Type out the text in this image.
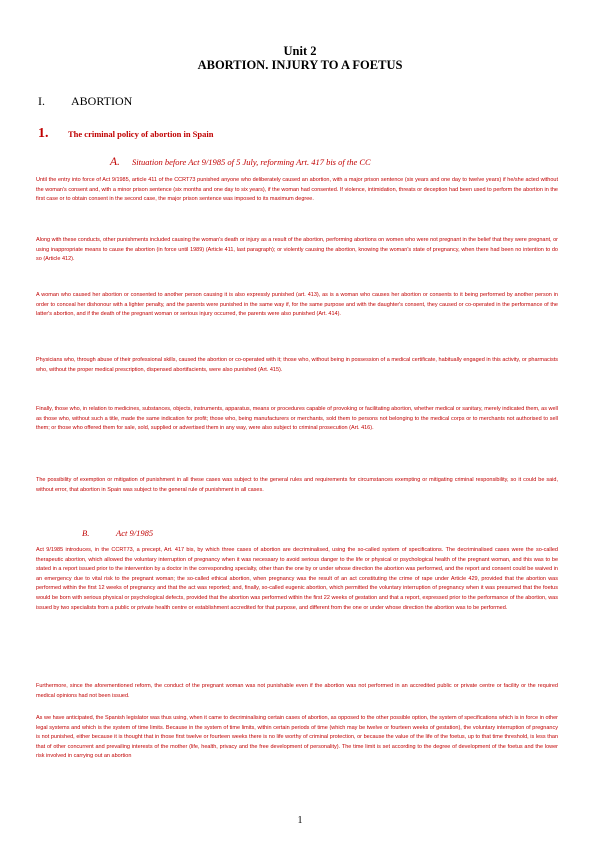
Unit 2
ABORTION. INJURY TO A FOETUS
I. ABORTION
1. The criminal policy of abortion in Spain
A. Situation before Act 9/1985 of 5 July, reforming Art. 417 bis of the CC

Until the entry into force of Act 9/1985, article 411 of the CCRT73 punished anyone who deliberately caused an abortion, with a major prison sentence (six years and one day to twelve years) if he/she acted without the woman's consent and, with a minor prison sentence (six months and one day to six years), if the woman had consented. If violence, intimidation, threats or deception had been used to perform the abortion in the first case or to obtain consent in the second case, the major prison sentence was imposed to its maximum degree.

Along with these conducts, other punishments included causing the woman's death or injury as a result of the abortion, performing abortions on women who were not pregnant in the belief that they were pregnant, or using inappropriate means to cause the abortion (in force until 1989) (Article 411, last paragraph); or violently causing the abortion, knowing the woman's state of pregnancy, when there had been no intention to do so (Article 412).

A woman who caused her abortion or consented to another person causing it is also expressly punished (art. 413), as is a woman who causes her abortion or consents to it being performed by another person in order to conceal her dishonour with a lighter penalty, and the parents were punished in the same way if, for the same purpose and with the daughter's consent, they caused or co-operated in the performance of the latter's abortion, and if the death of the pregnant woman or serious injury occurred, the parents were also punished (Art. 414).

Physicians who, through abuse of their professional skills, caused the abortion or co-operated with it; those who, without being in possession of a medical certificate, habitually engaged in this activity, or pharmacists who, without the proper medical prescription, dispensed abortifacients, were also punished (Art. 415).

Finally, those who, in relation to medicines, substances, objects, instruments, apparatus, means or procedures capable of provoking or facilitating abortion, whether medical or sanitary, merely indicated them, as well as those who, without such a title, made the same indication for profit; those who, being manufacturers or merchants, sold them to persons not belonging to the medical corps or to merchants not authorised to sell them; or those who offered them for sale, sold, supplied or advertised them in any way, were also subject to criminal prosecution (Art. 416).

The possibility of exemption or mitigation of punishment in all these cases was subject to the general rules and requirements for circumstances exempting or mitigating criminal responsibility, so it could be said, without error, that abortion in Spain was subject to the general rule of punishment in all cases.

B.	Act 9/1985

Act 9/1985 introduces, in the CCRT73, a precept, Art. 417 bis, by which three cases of abortion are decriminalised, using the so-called system of specifications. The decriminalised cases were the so-called therapeutic abortion, which allowed the voluntary interruption of pregnancy when it was necessary to avoid serious danger to the life or physical or psychological health of the pregnant woman, and this was to be stated in a report issued prior to the intervention by a doctor in the corresponding specialty, other than the one by or under whose direction the abortion was performed, and the report and consent could be waived in an emergency due to vital risk to the pregnant woman; the so-called ethical abortion, when pregnancy was the result of an act constituting the crime of rape under Article 429, provided that the abortion was performed within the first 12 weeks of pregnancy and that the act was reported; and, finally, so-called eugenic abortion, which permitted the voluntary interruption of pregnancy when it was presumed that the foetus would be born with serious physical or psychological defects, provided that the abortion was performed within the first 22 weeks of gestation and that a report, expressed prior to the performance of the abortion, was issued by two specialists from a public or private health centre or establishment accredited for that purpose, and different from the one or under whose direction the abortion was to be performed.

Furthermore, since the aforementioned reform, the conduct of the pregnant woman was not punishable even if the abortion was not performed in an accredited public or private centre or facility or the required medical opinions had not been issued.

As we have anticipated, the Spanish legislator was thus using, when it came to decriminalising certain cases of abortion, as opposed to the other possible option, the system of specifications which is in force in other legal systems and which is the system of time limits. Because in the system of time limits, within certain periods of time (which may be twelve or fourteen weeks of gestation), the voluntary interruption of pregnancy is not punished, either because it is thought that in those first twelve or fourteen weeks there is no life worthy of criminal protection, or because the value of the life of the foetus, up to that time threshold, is less than that of other concurrent and prevailing interests of the mother (life, health, privacy and the free development of personality). The time limit is set according to the degree of development of the foetus and the lower risk involved in carrying out an abortion

1
